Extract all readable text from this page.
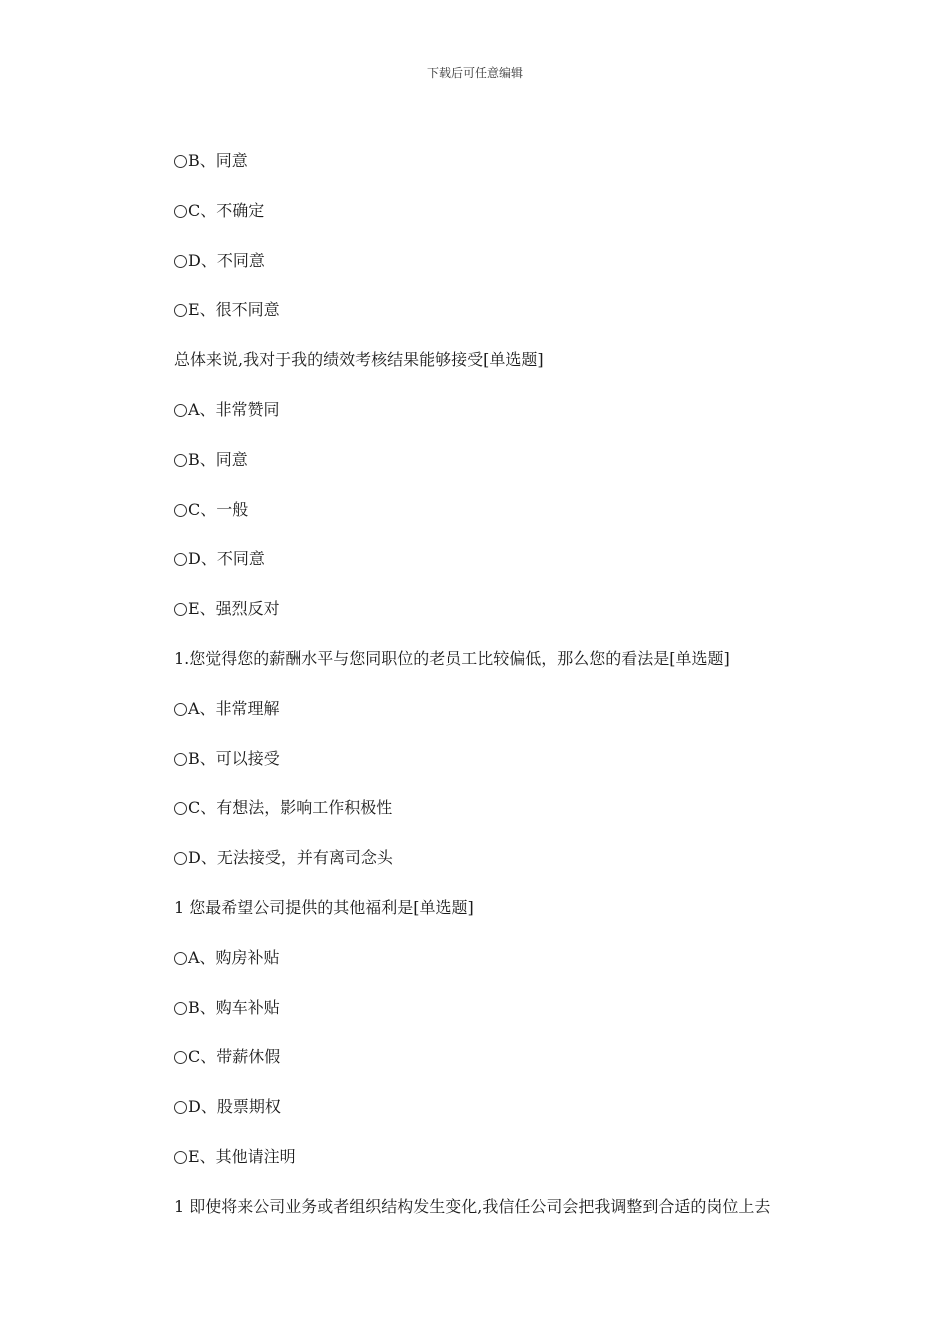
下载后可任意编辑
B、同意
C、不确定
D、不同意
E、很不同意
总体来说,我对于我的绩效考核结果能够接受[单选题]
A、非常赞同
B、同意
C、一般
D、不同意
E、强烈反对
1.您觉得您的薪酬水平与您同职位的老员工比较偏低，那么您的看法是[单选题]
A、非常理解
B、可以接受
C、有想法，影响工作积极性
D、无法接受，并有离司念头
1 您最希望公司提供的其他福利是[单选题]
A、购房补贴
B、购车补贴
C、带薪休假
D、股票期权
E、其他请注明
1 即使将来公司业务或者组织结构发生变化,我信任公司会把我调整到合适的岗位上去
